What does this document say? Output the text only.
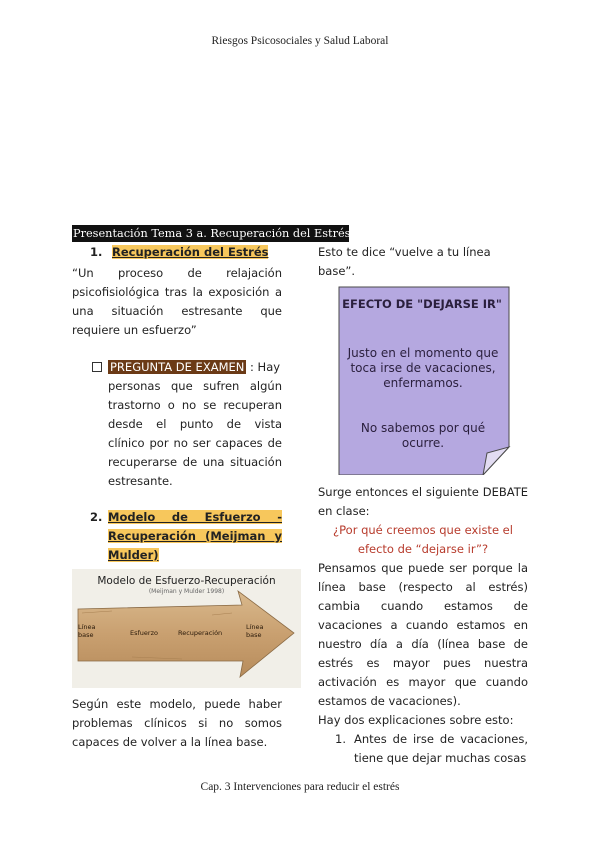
Riesgos Psicosociales y Salud Laboral
Presentación Tema 3 a. Recuperación del Estrés
1. Recuperación del Estrés
“Un proceso de relajación psicofisiológica tras la exposición a una situación estresante que requiere un esfuerzo”
PREGUNTA DE EXAMEN : Hay
personas que sufren algún trastorno o no se recuperan desde el punto de vista clínico por no ser capaces de recuperarse de una situación estresante.
2. Modelo de Esfuerzo - Recuperación (Meijman y Mulder)
Modelo de Esfuerzo-Recuperación
(Meijman y Mulder 1998)
Línea base	Esfuerzo	Recuperación
Línea base
Según este modelo, puede haber problemas clínicos si no somos capaces de volver a la línea base.
Esto te dice “vuelve a tu línea base”.
EFECTO DE "DEJARSE IR"
Justo en el momento que toca irse de vacaciones, enfermamos.
No sabemos por qué ocurre.
Surge entonces el siguiente DEBATE en clase:
¿Por qué creemos que existe el efecto de “dejarse ir”?
Pensamos que puede ser porque la línea base (respecto al estrés) cambia cuando estamos de vacaciones a cuando estamos en nuestro día a día (línea base de estrés es mayor pues nuestra activación es mayor que cuando estamos de vacaciones).
Hay dos explicaciones sobre esto:
1. Antes de irse de vacaciones, tiene que dejar muchas cosas
Cap. 3 Intervenciones para reducir el estrés
